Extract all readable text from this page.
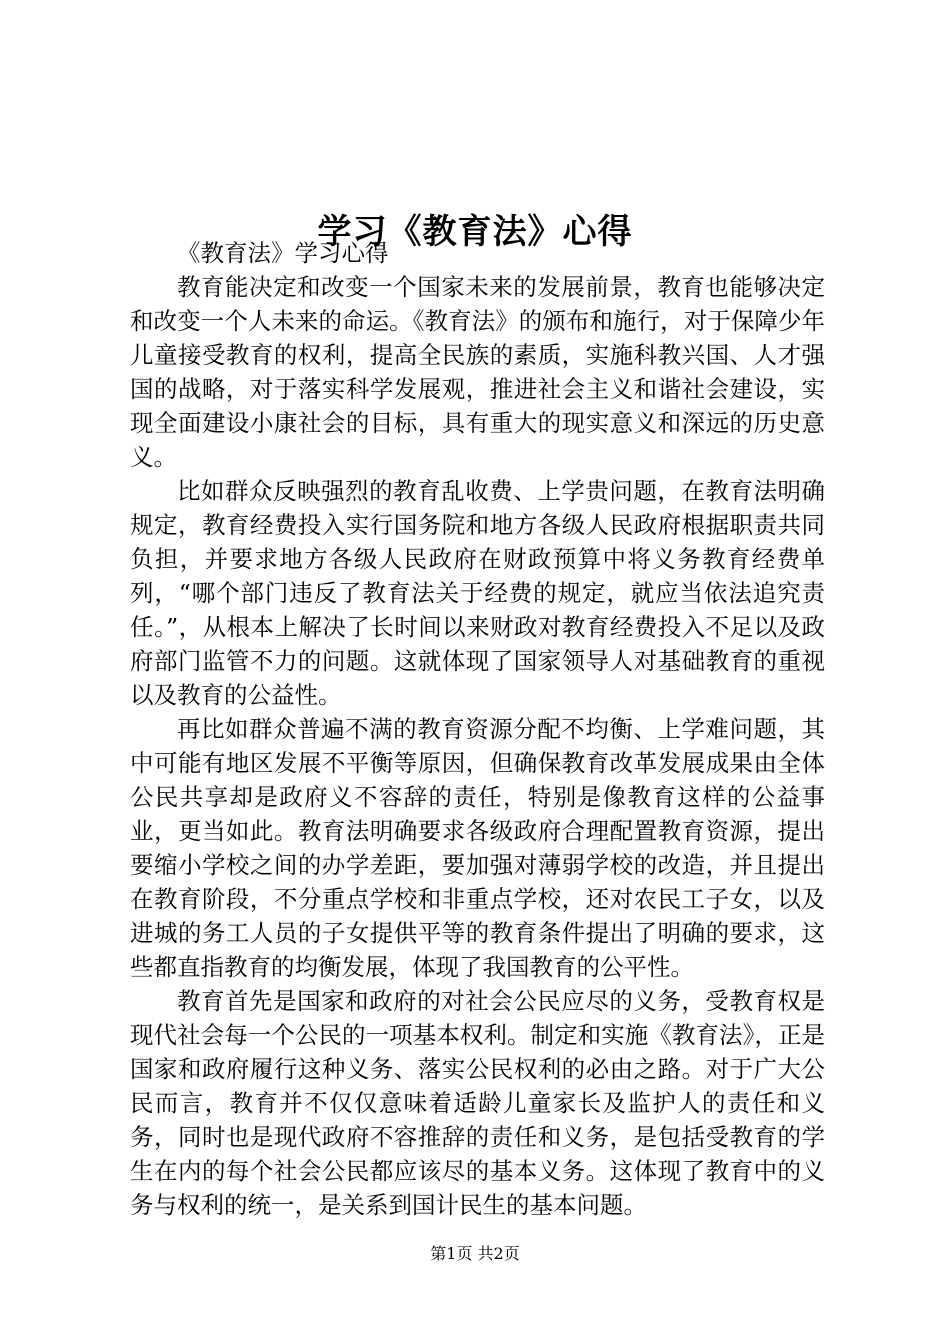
学习《教育法》心得

《教育法》学习心得

教育能决定和改变一个国家未来的发展前景，教育也能够决定和改变一个人未来的命运。《教育法》的颁布和施行，对于保障少年儿童接受教育的权利，提高全民族的素质，实施科教兴国、人才强国的战略，对于落实科学发展观，推进社会主义和谐社会建设，实现全面建设小康社会的目标，具有重大的现实意义和深远的历史意义。

比如群众反映强烈的教育乱收费、上学贵问题，在教育法明确规定，教育经费投入实行国务院和地方各级人民政府根据职责共同负担，并要求地方各级人民政府在财政预算中将义务教育经费单列，“哪个部门违反了教育法关于经费的规定，就应当依法追究责任。”，从根本上解决了长时间以来财政对教育经费投入不足以及政府部门监管不力的问题。这就体现了国家领导人对基础教育的重视以及教育的公益性。

再比如群众普遍不满的教育资源分配不均衡、上学难问题，其中可能有地区发展不平衡等原因，但确保教育改革发展成果由全体公民共享却是政府义不容辞的责任，特别是像教育这样的公益事业，更当如此。教育法明确要求各级政府合理配置教育资源，提出要缩小学校之间的办学差距，要加强对薄弱学校的改造，并且提出在教育阶段，不分重点学校和非重点学校，还对农民工子女，以及进城的务工人员的子女提供平等的教育条件提出了明确的要求，这些都直指教育的均衡发展，体现了我国教育的公平性。

教育首先是国家和政府的对社会公民应尽的义务，受教育权是现代社会每一个公民的一项基本权利。制定和实施《教育法》，正是国家和政府履行这种义务、落实公民权利的必由之路。对于广大公民而言，教育并不仅仅意味着适龄儿童家长及监护人的责任和义务，同时也是现代政府不容推辞的责任和义务，是包括受教育的学生在内的每个社会公民都应该尽的基本义务。这体现了教育中的义务与权利的统一，是关系到国计民生的基本问题。

第1页 共2页
